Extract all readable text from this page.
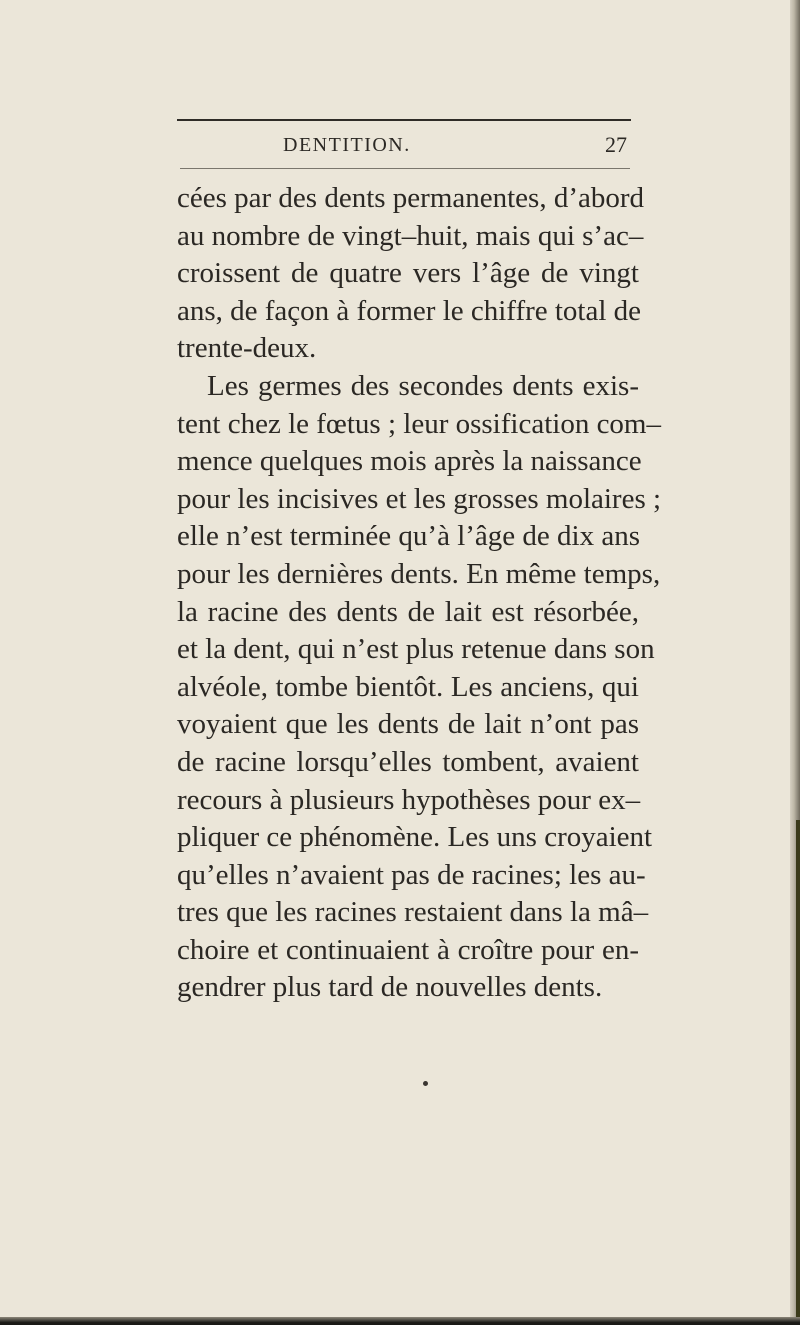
DENTITION.	27

cées par des dents permanentes, d’abord
au nombre de vingt–huit, mais qui s’ac–
croissent de quatre vers l’âge de vingt
ans, de façon à former le chiffre total de
trente-deux.

Les germes des secondes dents exis-
tent chez le fœtus ; leur ossification com–
mence quelques mois après la naissance
pour les incisives et les grosses molaires ;
elle n’est terminée qu’à l’âge de dix ans
pour les dernières dents. En même temps,
la racine des dents de lait est résorbée,
et la dent, qui n’est plus retenue dans son
alvéole, tombe bientôt. Les anciens, qui
voyaient que les dents de lait n’ont pas
de racine lorsqu’elles tombent, avaient
recours à plusieurs hypothèses pour ex–
pliquer ce phénomène. Les uns croyaient
qu’elles n’avaient pas de racines; les au-
tres que les racines restaient dans la mâ–
choire et continuaient à croître pour en-
gendrer plus tard de nouvelles dents.
